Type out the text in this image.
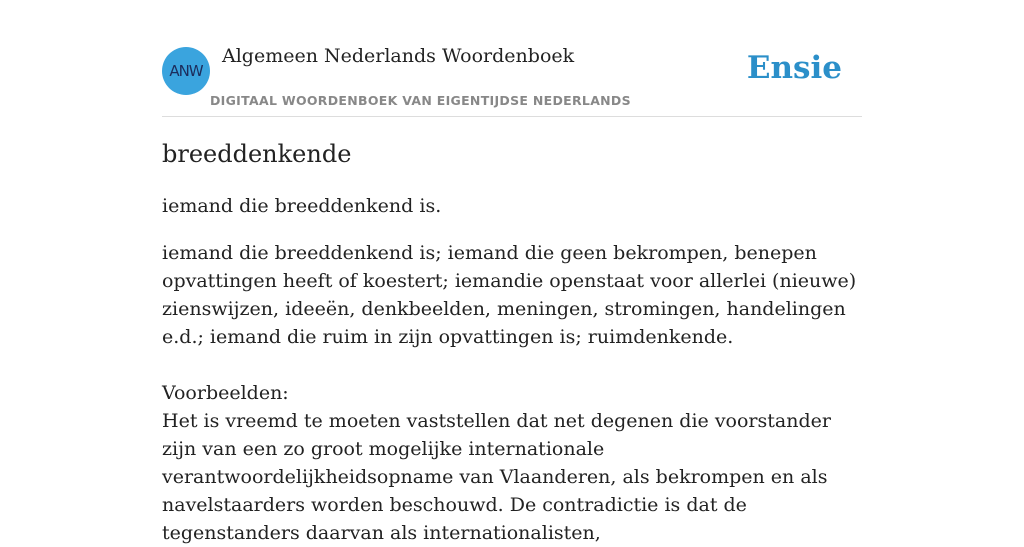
ANW
Algemeen Nederlands Woordenboek
DIGITAAL WOORDENBOEK VAN EIGENTIJDSE NEDERLANDS
Ensie
breeddenkende

iemand die breeddenkend is.

iemand die breeddenkend is; iemand die geen bekrompen, benepen opvattingen heeft of koestert; iemandie openstaat voor allerlei (nieuwe) zienswijzen, ideeën, denkbeelden, meningen, stromingen, handelingen e.d.; iemand die ruim in zijn opvattingen is; ruimdenkende.

Voorbeelden:

Het is vreemd te moeten vaststellen dat net degenen die voorstander zijn van een zo groot mogelijke internationale verantwoordelijkheidsopname van Vlaanderen, als bekrompen en als navelstaarders worden beschouwd. De contradictie is dat de tegenstanders daarvan als internationalisten,
